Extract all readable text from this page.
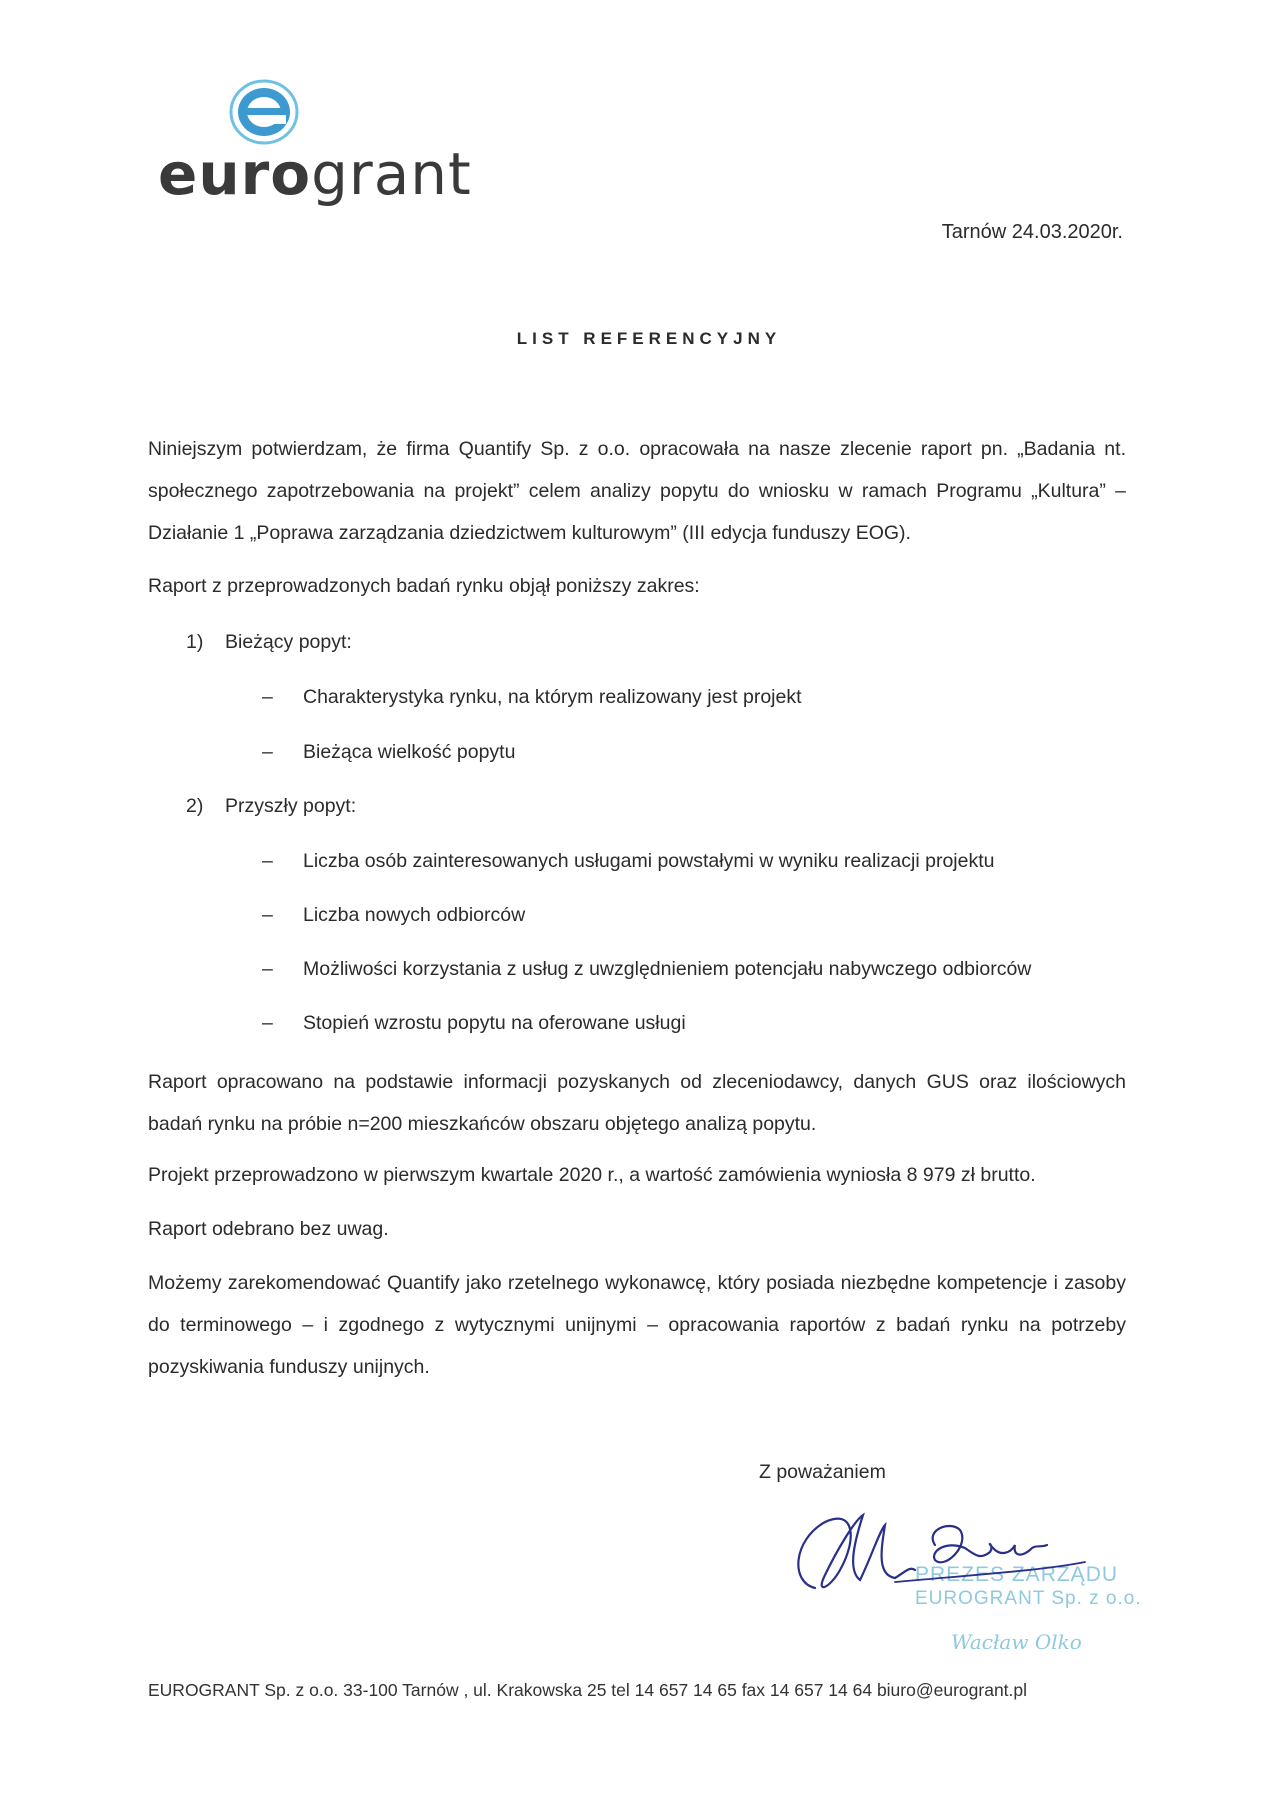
eurogrant
Tarnów 24.03.2020r.
LIST REFERENCYJNY

Niniejszym potwierdzam, że firma Quantify Sp. z o.o. opracowała na nasze zlecenie raport pn. „Badania nt. społecznego zapotrzebowania na projekt” celem analizy popytu do wniosku w ramach Programu „Kultura” – Działanie 1 „Poprawa zarządzania dziedzictwem kulturowym” (III edycja funduszy EOG).

Raport z przeprowadzonych badań rynku objął poniższy zakres:

1) Bieżący popyt:
– Charakterystyka rynku, na którym realizowany jest projekt
– Bieżąca wielkość popytu
2) Przyszły popyt:
– Liczba osób zainteresowanych usługami powstałymi w wyniku realizacji projektu
– Liczba nowych odbiorców
– Możliwości korzystania z usług z uwzględnieniem potencjału nabywczego odbiorców
– Stopień wzrostu popytu na oferowane usługi

Raport opracowano na podstawie informacji pozyskanych od zleceniodawcy, danych GUS oraz ilościowych badań rynku na próbie n=200 mieszkańców obszaru objętego analizą popytu.

Projekt przeprowadzono w pierwszym kwartale 2020 r., a wartość zamówienia wyniosła 8 979 zł brutto.

Raport odebrano bez uwag.

Możemy zarekomendować Quantify jako rzetelnego wykonawcę, który posiada niezbędne kompetencje i zasoby do terminowego – i zgodnego z wytycznymi unijnymi – opracowania raportów z badań rynku na potrzeby pozyskiwania funduszy unijnych.

Z poważaniem
PREZES ZARZĄDU
EUROGRANT Sp. z o.o.
Wacław Olko
EUROGRANT Sp. z o.o. 33-100 Tarnów , ul. Krakowska 25 tel 14 657 14 65 fax 14 657 14 64 biuro@eurogrant.pl
